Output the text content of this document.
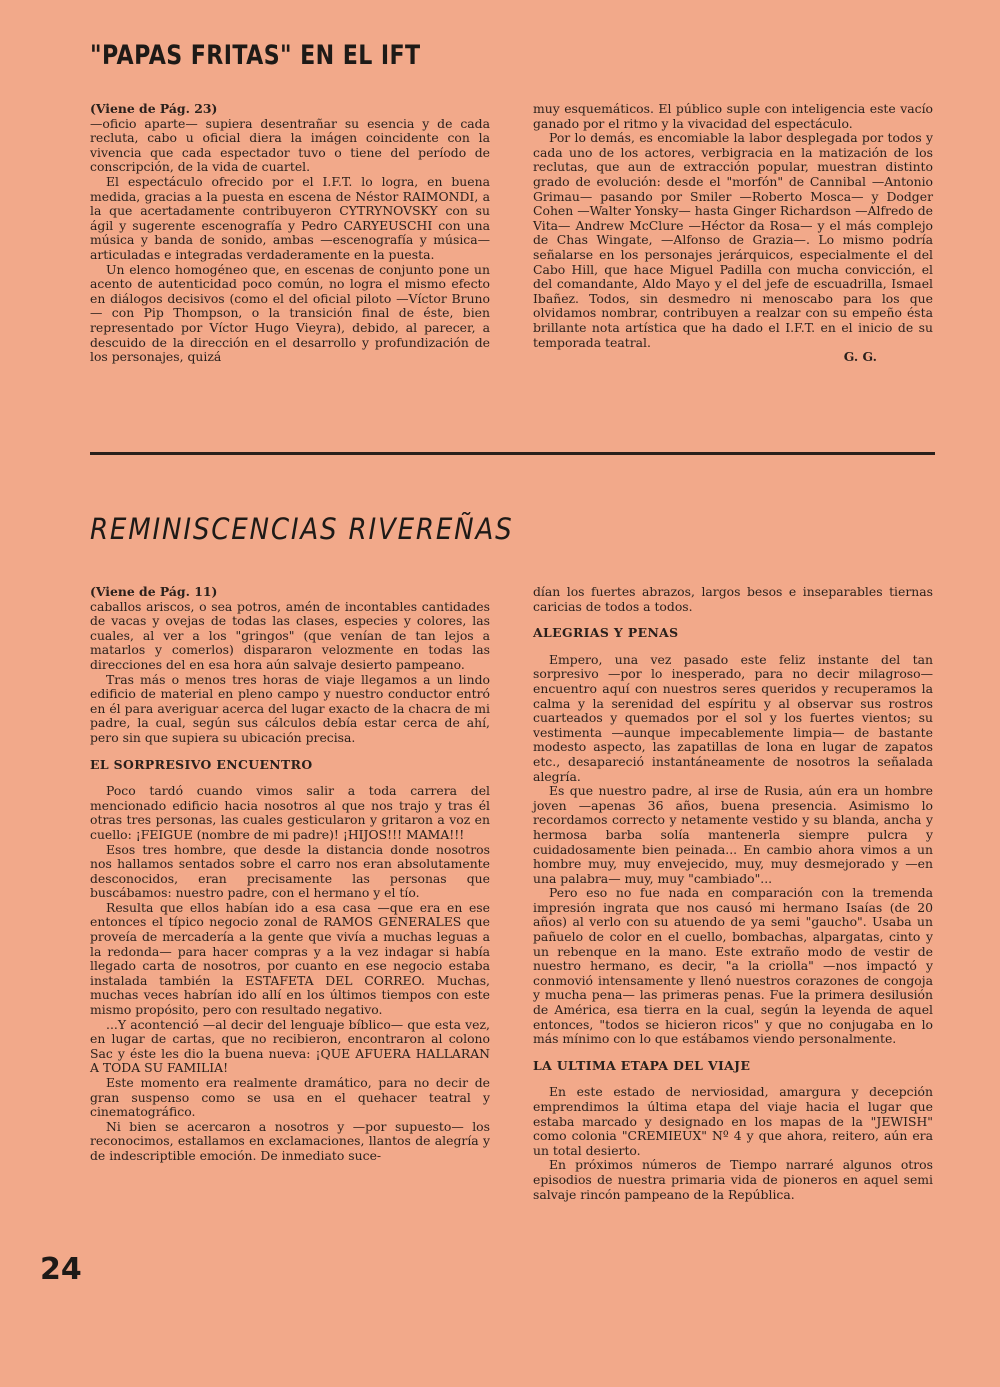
"PAPAS FRITAS" EN EL IFT

(Viene de Pág. 23)

—oficio aparte— supiera desentrañar su esencia y de cada recluta, cabo u oficial diera la imágen coincidente con la vivencia que cada espectador tuvo o tiene del período de conscripción, de la vida de cuartel.

El espectáculo ofrecido por el I.F.T. lo logra, en buena medida, gracias a la puesta en escena de Néstor RAIMONDI, a la que acertadamente contribuyeron CYTRYNOVSKY con su ágil y sugerente escenografía y Pedro CARYEUSCHI con una música y banda de sonido, ambas —escenografía y música— articuladas e integradas verdaderamente en la puesta.

Un elenco homogéneo que, en escenas de conjunto pone un acento de autenticidad poco común, no logra el mismo efecto en diálogos decisivos (como el del oficial piloto —Víctor Bruno— con Pip Thompson, o la transición final de éste, bien representado por Víctor Hugo Vieyra), debido, al parecer, a descuido de la dirección en el desarrollo y profundización de los personajes, quizá

muy esquemáticos. El público suple con inteligencia este vacío ganado por el ritmo y la vivacidad del espectáculo.

Por lo demás, es encomiable la labor desplegada por todos y cada uno de los actores, verbigracia en la matización de los reclutas, que aun de extracción popular, muestran distinto grado de evolución: desde el "morfón" de Cannibal —Antonio Grimau— pasando por Smiler —Roberto Mosca— y Dodger Cohen —Walter Yonsky— hasta Ginger Richardson —Alfredo de Vita— Andrew McClure —Héctor da Rosa— y el más complejo de Chas Wingate, —Alfonso de Grazia—. Lo mismo podría señalarse en los personajes jerárquicos, especialmente el del Cabo Hill, que hace Miguel Padilla con mucha convicción, el del comandante, Aldo Mayo y el del jefe de escuadrilla, Ismael Ibañez. Todos, sin desmedro ni menoscabo para los que olvidamos nombrar, contribuyen a realzar con su empeño ésta brillante nota artística que ha dado el I.F.T. en el inicio de su temporada teatral.

G. G.

REMINISCENCIAS RIVEREÑAS

(Viene de Pág. 11)

caballos ariscos, o sea potros, amén de incontables cantidades de vacas y ovejas de todas las clases, especies y colores, las cuales, al ver a los "gringos" (que venían de tan lejos a matarlos y comerlos) dispararon velozmente en todas las direcciones del en esa hora aún salvaje desierto pampeano.

Tras más o menos tres horas de viaje llegamos a un lindo edificio de material en pleno campo y nuestro conductor entró en él para averiguar acerca del lugar exacto de la chacra de mi padre, la cual, según sus cálculos debía estar cerca de ahí, pero sin que supiera su ubicación precisa.

EL SORPRESIVO ENCUENTRO

Poco tardó cuando vimos salir a toda carrera del mencionado edificio hacia nosotros al que nos trajo y tras él otras tres personas, las cuales gesticularon y gritaron a voz en cuello: ¡FEIGUE (nombre de mi padre)! ¡HIJOS!!! MAMA!!!

Esos tres hombre, que desde la distancia donde nosotros nos hallamos sentados sobre el carro nos eran absolutamente desconocidos, eran precisamente las personas que buscábamos: nuestro padre, con el hermano y el tío.

Resulta que ellos habían ido a esa casa —que era en ese entonces el típico negocio zonal de RAMOS GENERALES que proveía de mercadería a la gente que vivía a muchas leguas a la redonda— para hacer compras y a la vez indagar si había llegado carta de nosotros, por cuanto en ese negocio estaba instalada también la ESTAFETA DEL CORREO. Muchas, muchas veces habrían ido allí en los últimos tiempos con este mismo propósito, pero con resultado negativo.

...Y acontenció —al decir del lenguaje bíblico— que esta vez, en lugar de cartas, que no recibieron, encontraron al colono Sac y éste les dio la buena nueva: ¡QUE AFUERA HALLARAN A TODA SU FAMILIA!

Este momento era realmente dramático, para no decir de gran suspenso como se usa en el quehacer teatral y cinematográfico.

Ni bien se acercaron a nosotros y —por supuesto— los reconocimos, estallamos en exclamaciones, llantos de alegría y de indescriptible emoción. De inmediato suce-

dían los fuertes abrazos, largos besos e inseparables tiernas caricias de todos a todos.

ALEGRIAS Y PENAS

Empero, una vez pasado este feliz instante del tan sorpresivo —por lo inesperado, para no decir milagroso— encuentro aquí con nuestros seres queridos y recuperamos la calma y la serenidad del espíritu y al observar sus rostros cuarteados y quemados por el sol y los fuertes vientos; su vestimenta —aunque impecablemente limpia— de bastante modesto aspecto, las zapatillas de lona en lugar de zapatos etc., desapareció instantáneamente de nosotros la señalada alegría.

Es que nuestro padre, al irse de Rusia, aún era un hombre joven —apenas 36 años, buena presencia. Asimismo lo recordamos correcto y netamente vestido y su blanda, ancha y hermosa barba solía mantenerla siempre pulcra y cuidadosamente bien peinada... En cambio ahora vimos a un hombre muy, muy envejecido, muy, muy desmejorado y —en una palabra— muy, muy "cambiado"...

Pero eso no fue nada en comparación con la tremenda impresión ingrata que nos causó mi hermano Isaías (de 20 años) al verlo con su atuendo de ya semi "gaucho". Usaba un pañuelo de color en el cuello, bombachas, alpargatas, cinto y un rebenque en la mano. Este extraño modo de vestir de nuestro hermano, es decir, "a la criolla" —nos impactó y conmovió intensamente y llenó nuestros corazones de congoja y mucha pena— las primeras penas. Fue la primera desilusión de América, esa tierra en la cual, según la leyenda de aquel entonces, "todos se hicieron ricos" y que no conjugaba en lo más mínimo con lo que estábamos viendo personalmente.

LA ULTIMA ETAPA DEL VIAJE

En este estado de nerviosidad, amargura y decepción emprendimos la última etapa del viaje hacia el lugar que estaba marcado y designado en los mapas de la "JEWISH" como colonia "CREMIEUX" Nº 4 y que ahora, reitero, aún era un total desierto.

En próximos números de Tiempo narraré algunos otros episodios de nuestra primaria vida de pioneros en aquel semi salvaje rincón pampeano de la República.

24
